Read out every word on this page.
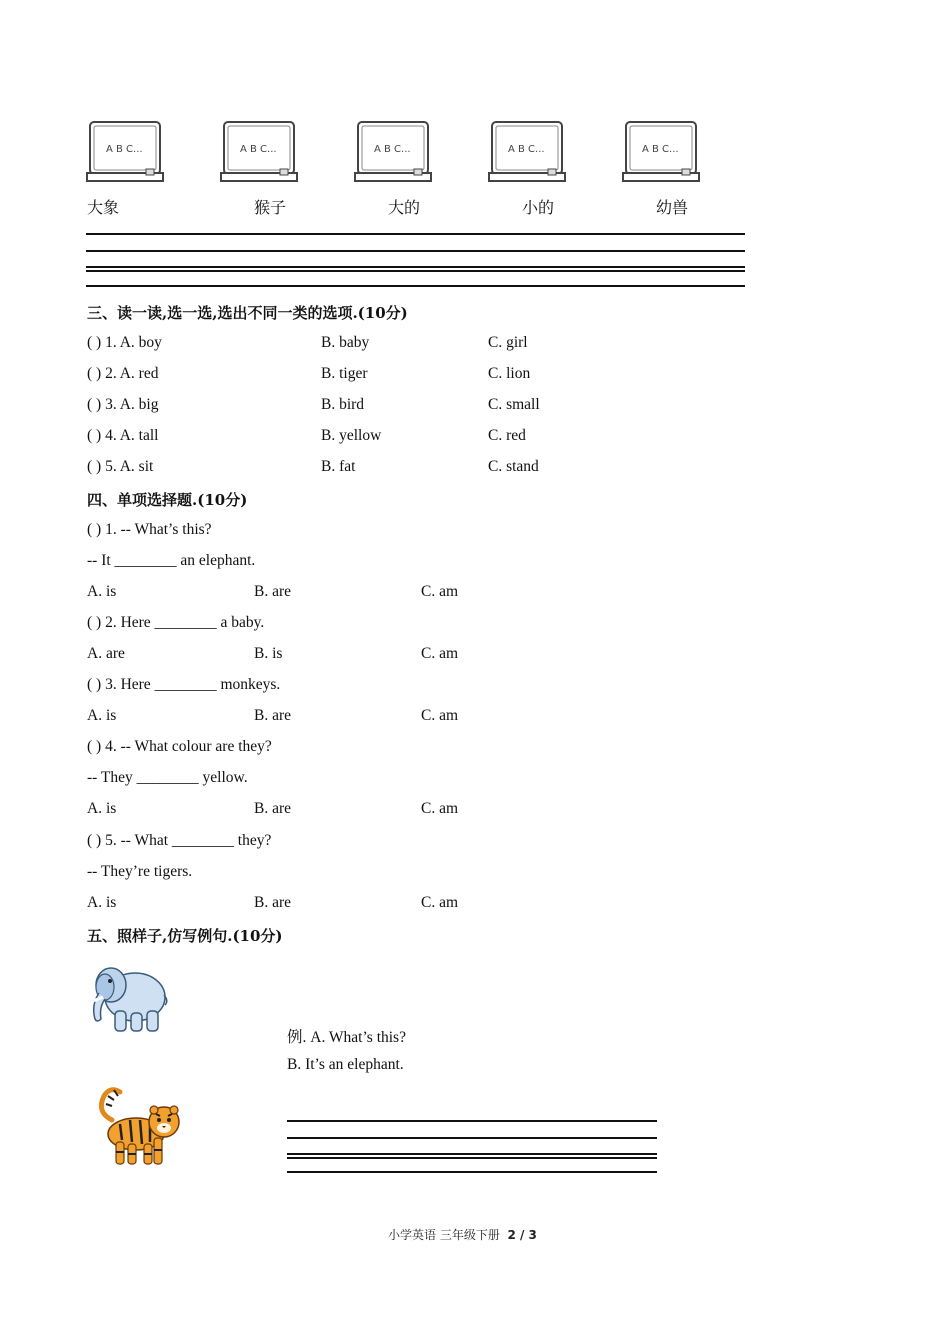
A B C...	A B C...	A B C...	A B C...	A B C...
大象	猴子	大的	小的	幼兽
三、读一读,选一选,选出不同一类的选项.(10分)
( ) 1. A. boy	B. baby	C. girl
( ) 2. A. red	B. tiger	C. lion
( ) 3. A. big	B. bird	C. small
( ) 4. A. tall	B. yellow	C. red
( ) 5. A. sit	B. fat	C. stand
四、单项选择题.(10分)
( ) 1. -- What’s this?
-- It ________ an elephant.
A. is	B. are	C. am
( ) 2. Here ________ a baby.
A. are	B. is	C. am
( ) 3. Here ________ monkeys.
A. is	B. are	C. am
( ) 4. -- What colour are they?
-- They ________ yellow.
A. is	B. are	C. am
( ) 5. -- What ________ they?
-- They’re tigers.
A. is	B. are	C. am
五、照样子,仿写例句.(10分)
例. A. What’s this?
B. It’s an elephant.
小学英语 三年级下册 2 / 3
